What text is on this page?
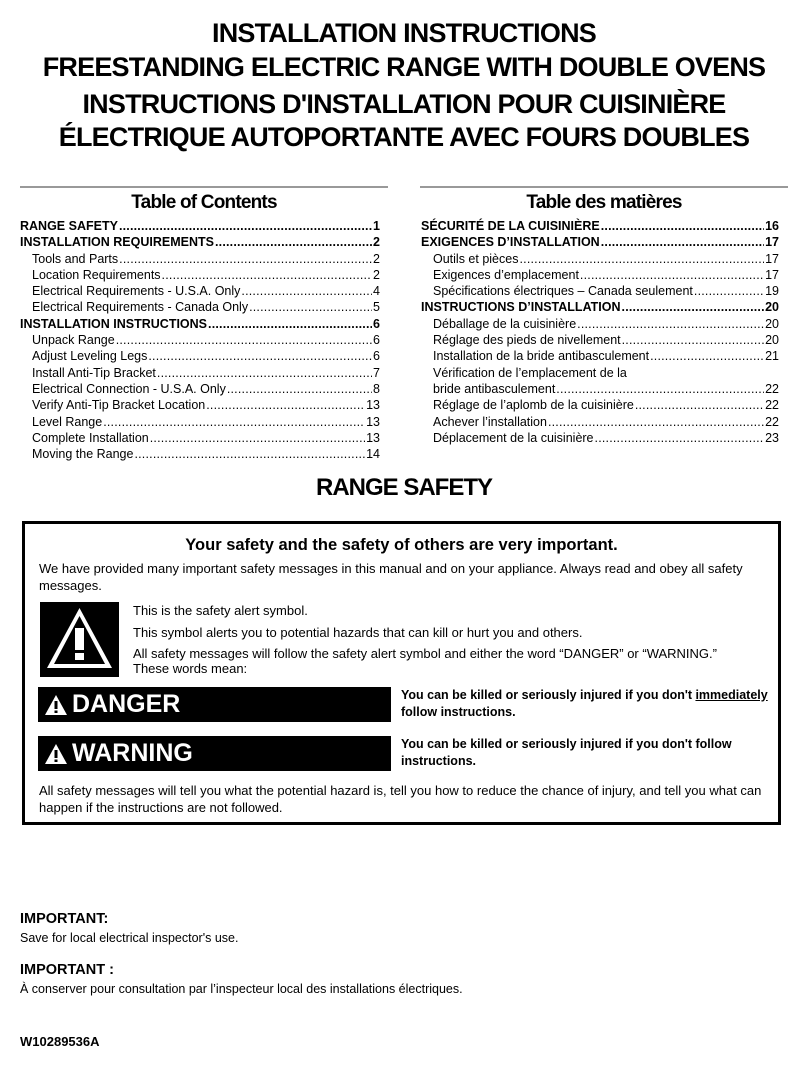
INSTALLATION INSTRUCTIONS
FREESTANDING ELECTRIC RANGE WITH DOUBLE OVENS
INSTRUCTIONS D'INSTALLATION POUR CUISINIÈRE
ÉLECTRIQUE AUTOPORTANTE AVEC FOURS DOUBLES
Table of Contents	Table des matières
RANGE SAFETY .....	1
INSTALLATION REQUIREMENTS .....	2
Tools and Parts .....	2
Location Requirements .....	2
Electrical Requirements - U.S.A. Only .....	4
Electrical Requirements - Canada Only .....	5
INSTALLATION INSTRUCTIONS .....	6
Unpack Range .....	6
Adjust Leveling Legs .....	6
Install Anti-Tip Bracket .....	7
Electrical Connection - U.S.A. Only .....	8
Verify Anti-Tip Bracket Location .....	13
Level Range .....	13
Complete Installation .....	13
Moving the Range .....	14
SÉCURITÉ DE LA CUISINIÈRE .....	16
EXIGENCES D’INSTALLATION .....	17
Outils et pièces .....	17
Exigences d’emplacement .....	17
Spécifications électriques – Canada seulement .....	19
INSTRUCTIONS D’INSTALLATION .....	20
Déballage de la cuisinière .....	20
Réglage des pieds de nivellement .....	20
Installation de la bride antibasculement .....	21
Vérification de l’emplacement de la
bride antibasculement .....	22
Réglage de l’aplomb de la cuisinière .....	22
Achever l’installation .....	22
Déplacement de la cuisinière .....	23
RANGE SAFETY
Your safety and the safety of others are very important.
We have provided many important safety messages in this manual and on your appliance. Always read and obey all safety messages.
This is the safety alert symbol.
This symbol alerts you to potential hazards that can kill or hurt you and others.
All safety messages will follow the safety alert symbol and either the word “DANGER” or “WARNING.”
These words mean:
DANGER	You can be killed or seriously injured if you don't immediately
follow instructions.
WARNING	You can be killed or seriously injured if you don't follow
instructions.
All safety messages will tell you what the potential hazard is, tell you how to reduce the chance of injury, and tell you what can happen if the instructions are not followed.
IMPORTANT:
Save for local electrical inspector's use.
IMPORTANT :
À conserver pour consultation par l’inspecteur local des installations électriques.
W10289536A
